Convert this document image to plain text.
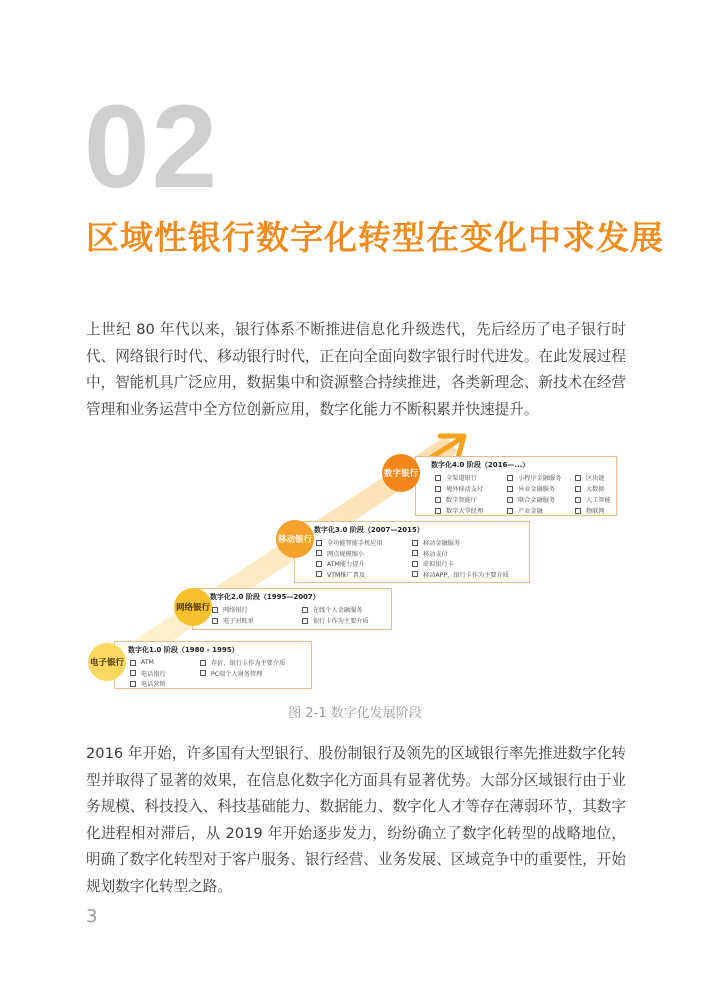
02
区域性银行数字化转型在变化中求发展
上世纪 80 年代以来，银行体系不断推进信息化升级迭代，先后经历了电子银行时代、网络银行时代、移动银行时代，正在向全面向数字银行时代进发。在此发展过程中，智能机具广泛应用，数据集中和资源整合持续推进，各类新理念、新技术在经营管理和业务运营中全方位创新应用，数字化能力不断积累并快速提升。
数字化4.0 阶段（2016—...）
全渠道银行	小程序金融服务	区块链
境外移动支付	异业金融服务	大数据
数字智能厅	联合金融服务	人工智能
数字大堂经理	产业金融	物联网
数字银行
数字化3.0 阶段（2007—2015）
全功能智能手机应用	移动金融服务
网点规模缩小	移动支付
ATM能力提升	虚拟银行卡
VTM推广普及	移动APP、银行卡作为主要介质
移动银行
数字化2.0 阶段（1995—2007）
网络银行	在线个人金融服务
电子对账单	银行卡作为主要介质
网络银行
数字化1.0 阶段（1980 - 1995）
ATM	存折、银行卡作为主要介质
电话银行	PC端个人财务管理
电话营销
电子银行
图 2-1 数字化发展阶段
2016 年开始，许多国有大型银行、股份制银行及领先的区域银行率先推进数字化转型并取得了显著的效果，在信息化数字化方面具有显著优势。大部分区域银行由于业务规模、科技投入、科技基础能力、数据能力、数字化人才等存在薄弱环节，其数字化进程相对滞后，从 2019 年开始逐步发力，纷纷确立了数字化转型的战略地位，明确了数字化转型对于客户服务、银行经营、业务发展、区域竞争中的重要性，开始规划数字化转型之路。
3
